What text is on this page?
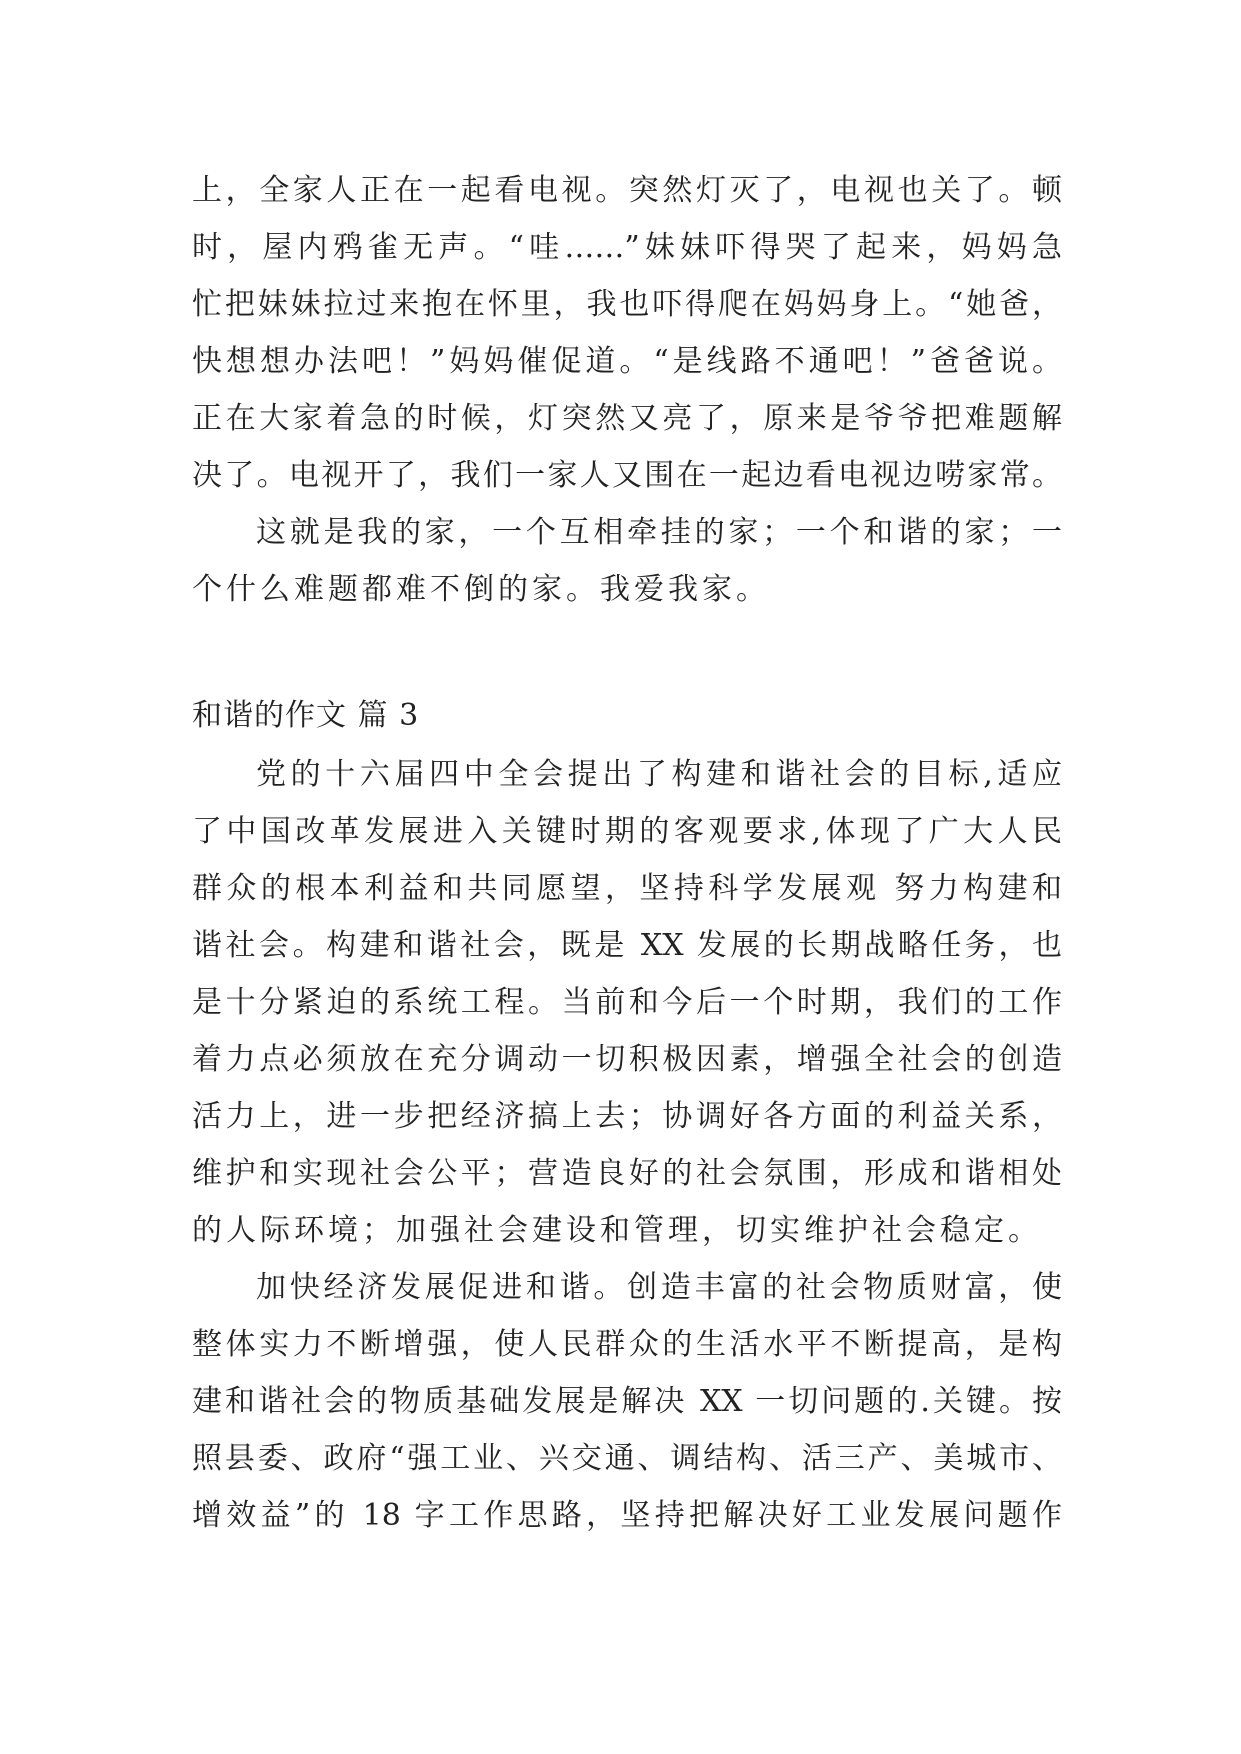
上，全家人正在一起看电视。突然灯灭了，电视也关了。顿
时，屋内鸦雀无声。“哇……”妹妹吓得哭了起来，妈妈急
忙把妹妹拉过来抱在怀里，我也吓得爬在妈妈身上。“她爸，
快想想办法吧！”妈妈催促道。“是线路不通吧！”爸爸说。
正在大家着急的时候，灯突然又亮了，原来是爷爷把难题解
决了。电视开了，我们一家人又围在一起边看电视边唠家常。
这就是我的家，一个互相牵挂的家；一个和谐的家；一
个什么难题都难不倒的家。我爱我家。
和谐的作文 篇 3
党的十六届四中全会提出了构建和谐社会的目标,适应
了中国改革发展进入关键时期的客观要求,体现了广大人民
群众的根本利益和共同愿望，坚持科学发展观 努力构建和
谐社会。构建和谐社会，既是 XX 发展的长期战略任务，也
是十分紧迫的系统工程。当前和今后一个时期，我们的工作
着力点必须放在充分调动一切积极因素，增强全社会的创造
活力上，进一步把经济搞上去；协调好各方面的利益关系，
维护和实现社会公平；营造良好的社会氛围，形成和谐相处
的人际环境；加强社会建设和管理，切实维护社会稳定。
加快经济发展促进和谐。创造丰富的社会物质财富，使
整体实力不断增强，使人民群众的生活水平不断提高，是构
建和谐社会的物质基础发展是解决 XX 一切问题的.关键。按
照县委、政府“强工业、兴交通、调结构、活三产、美城市、
增效益”的 18 字工作思路，坚持把解决好工业发展问题作
